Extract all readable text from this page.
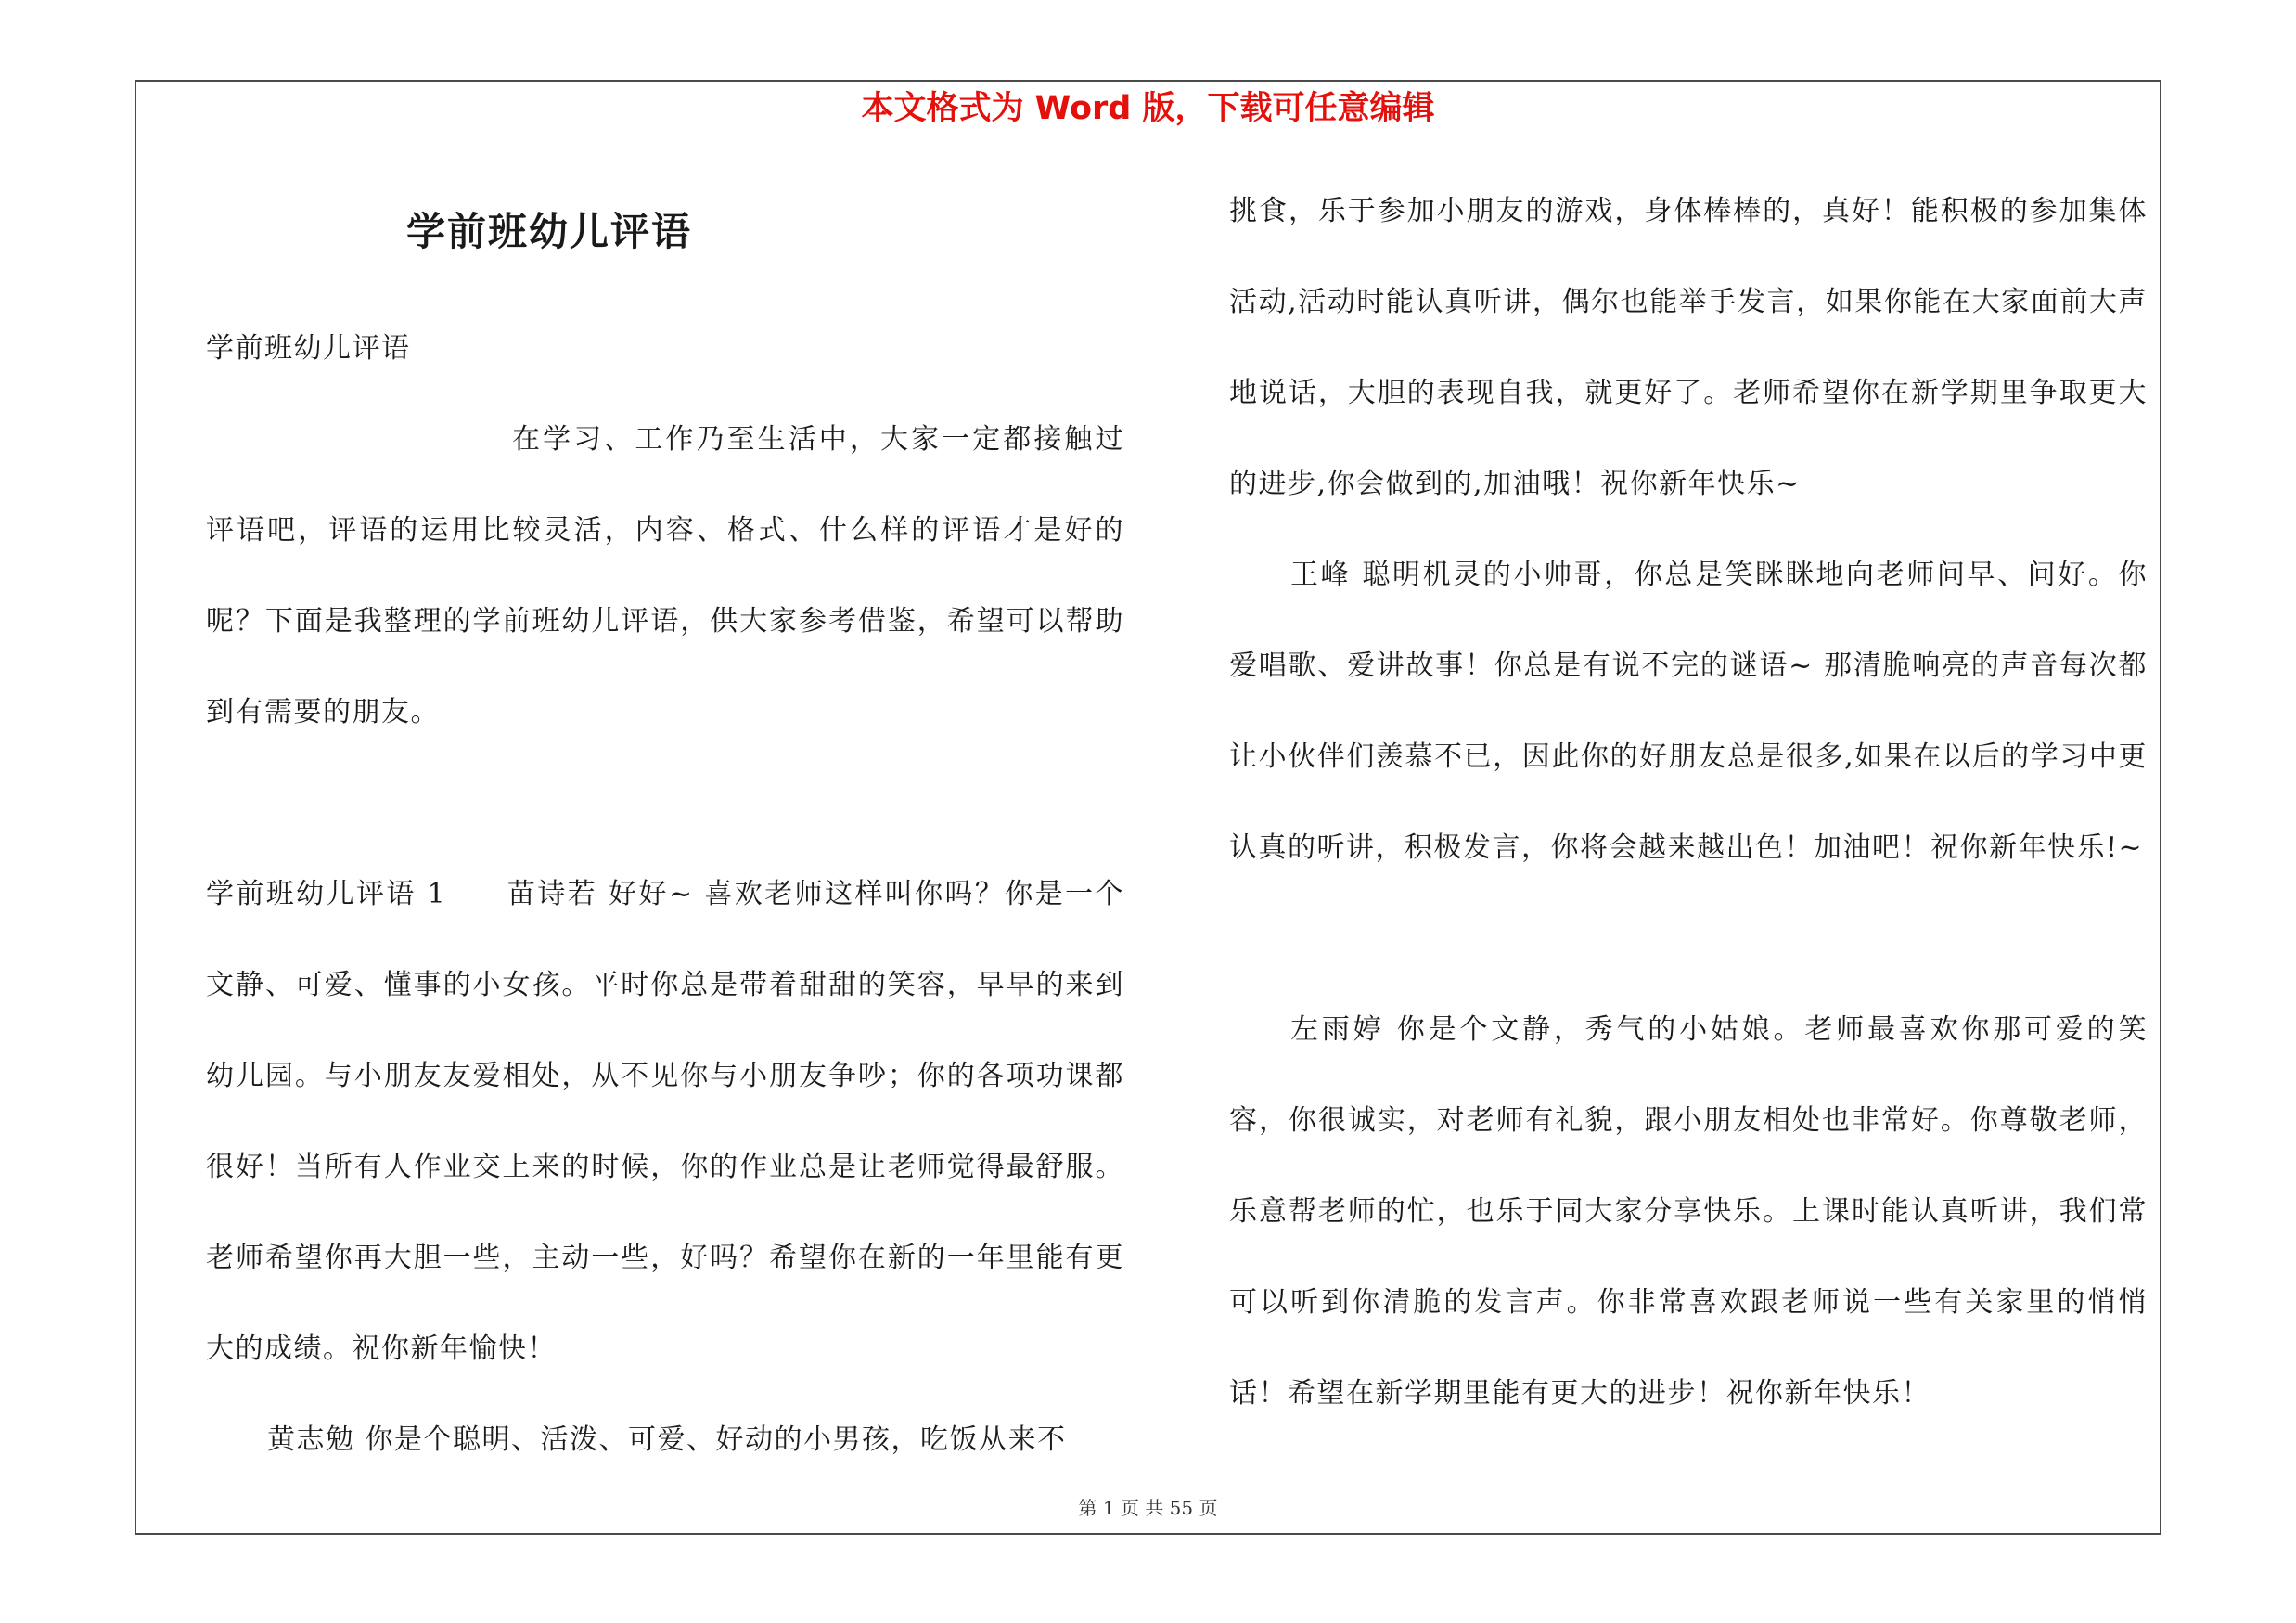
本文格式为 Word 版，下载可任意编辑
学前班幼儿评语

学前班幼儿评语

在学习、工作乃至生活中，大家一定都接触过评语吧，评语的运用比较灵活，内容、格式、什么样的评语才是好的呢？下面是我整理的学前班幼儿评语，供大家参考借鉴，希望可以帮助到有需要的朋友。

学前班幼儿评语 1　　苗诗若 好好~ 喜欢老师这样叫你吗？你是一个文静、可爱、懂事的小女孩。平时你总是带着甜甜的笑容，早早的来到幼儿园。与小朋友友爱相处，从不见你与小朋友争吵；你的各项功课都很好！当所有人作业交上来的时候，你的作业总是让老师觉得最舒服。老师希望你再大胆一些，主动一些，好吗？希望你在新的一年里能有更大的成绩。祝你新年愉快！

黄志勉 你是个聪明、活泼、可爱、好动的小男孩，吃饭从来不

挑食，乐于参加小朋友的游戏，身体棒棒的，真好！能积极的参加集体活动,活动时能认真听讲，偶尔也能举手发言，如果你能在大家面前大声地说话，大胆的表现自我，就更好了。老师希望你在新学期里争取更大的进步,你会做到的,加油哦！祝你新年快乐~

王峰 聪明机灵的小帅哥，你总是笑眯眯地向老师问早、问好。你爱唱歌、爱讲故事！你总是有说不完的谜语~ 那清脆响亮的声音每次都让小伙伴们羡慕不已，因此你的好朋友总是很多,如果在以后的学习中更认真的听讲，积极发言，你将会越来越出色！加油吧！祝你新年快乐!~

左雨婷 你是个文静，秀气的小姑娘。老师最喜欢你那可爱的笑容，你很诚实，对老师有礼貌，跟小朋友相处也非常好。你尊敬老师，乐意帮老师的忙，也乐于同大家分享快乐。上课时能认真听讲，我们常可以听到你清脆的发言声。你非常喜欢跟老师说一些有关家里的悄悄话！希望在新学期里能有更大的进步！祝你新年快乐！

第 1 页 共 55 页
